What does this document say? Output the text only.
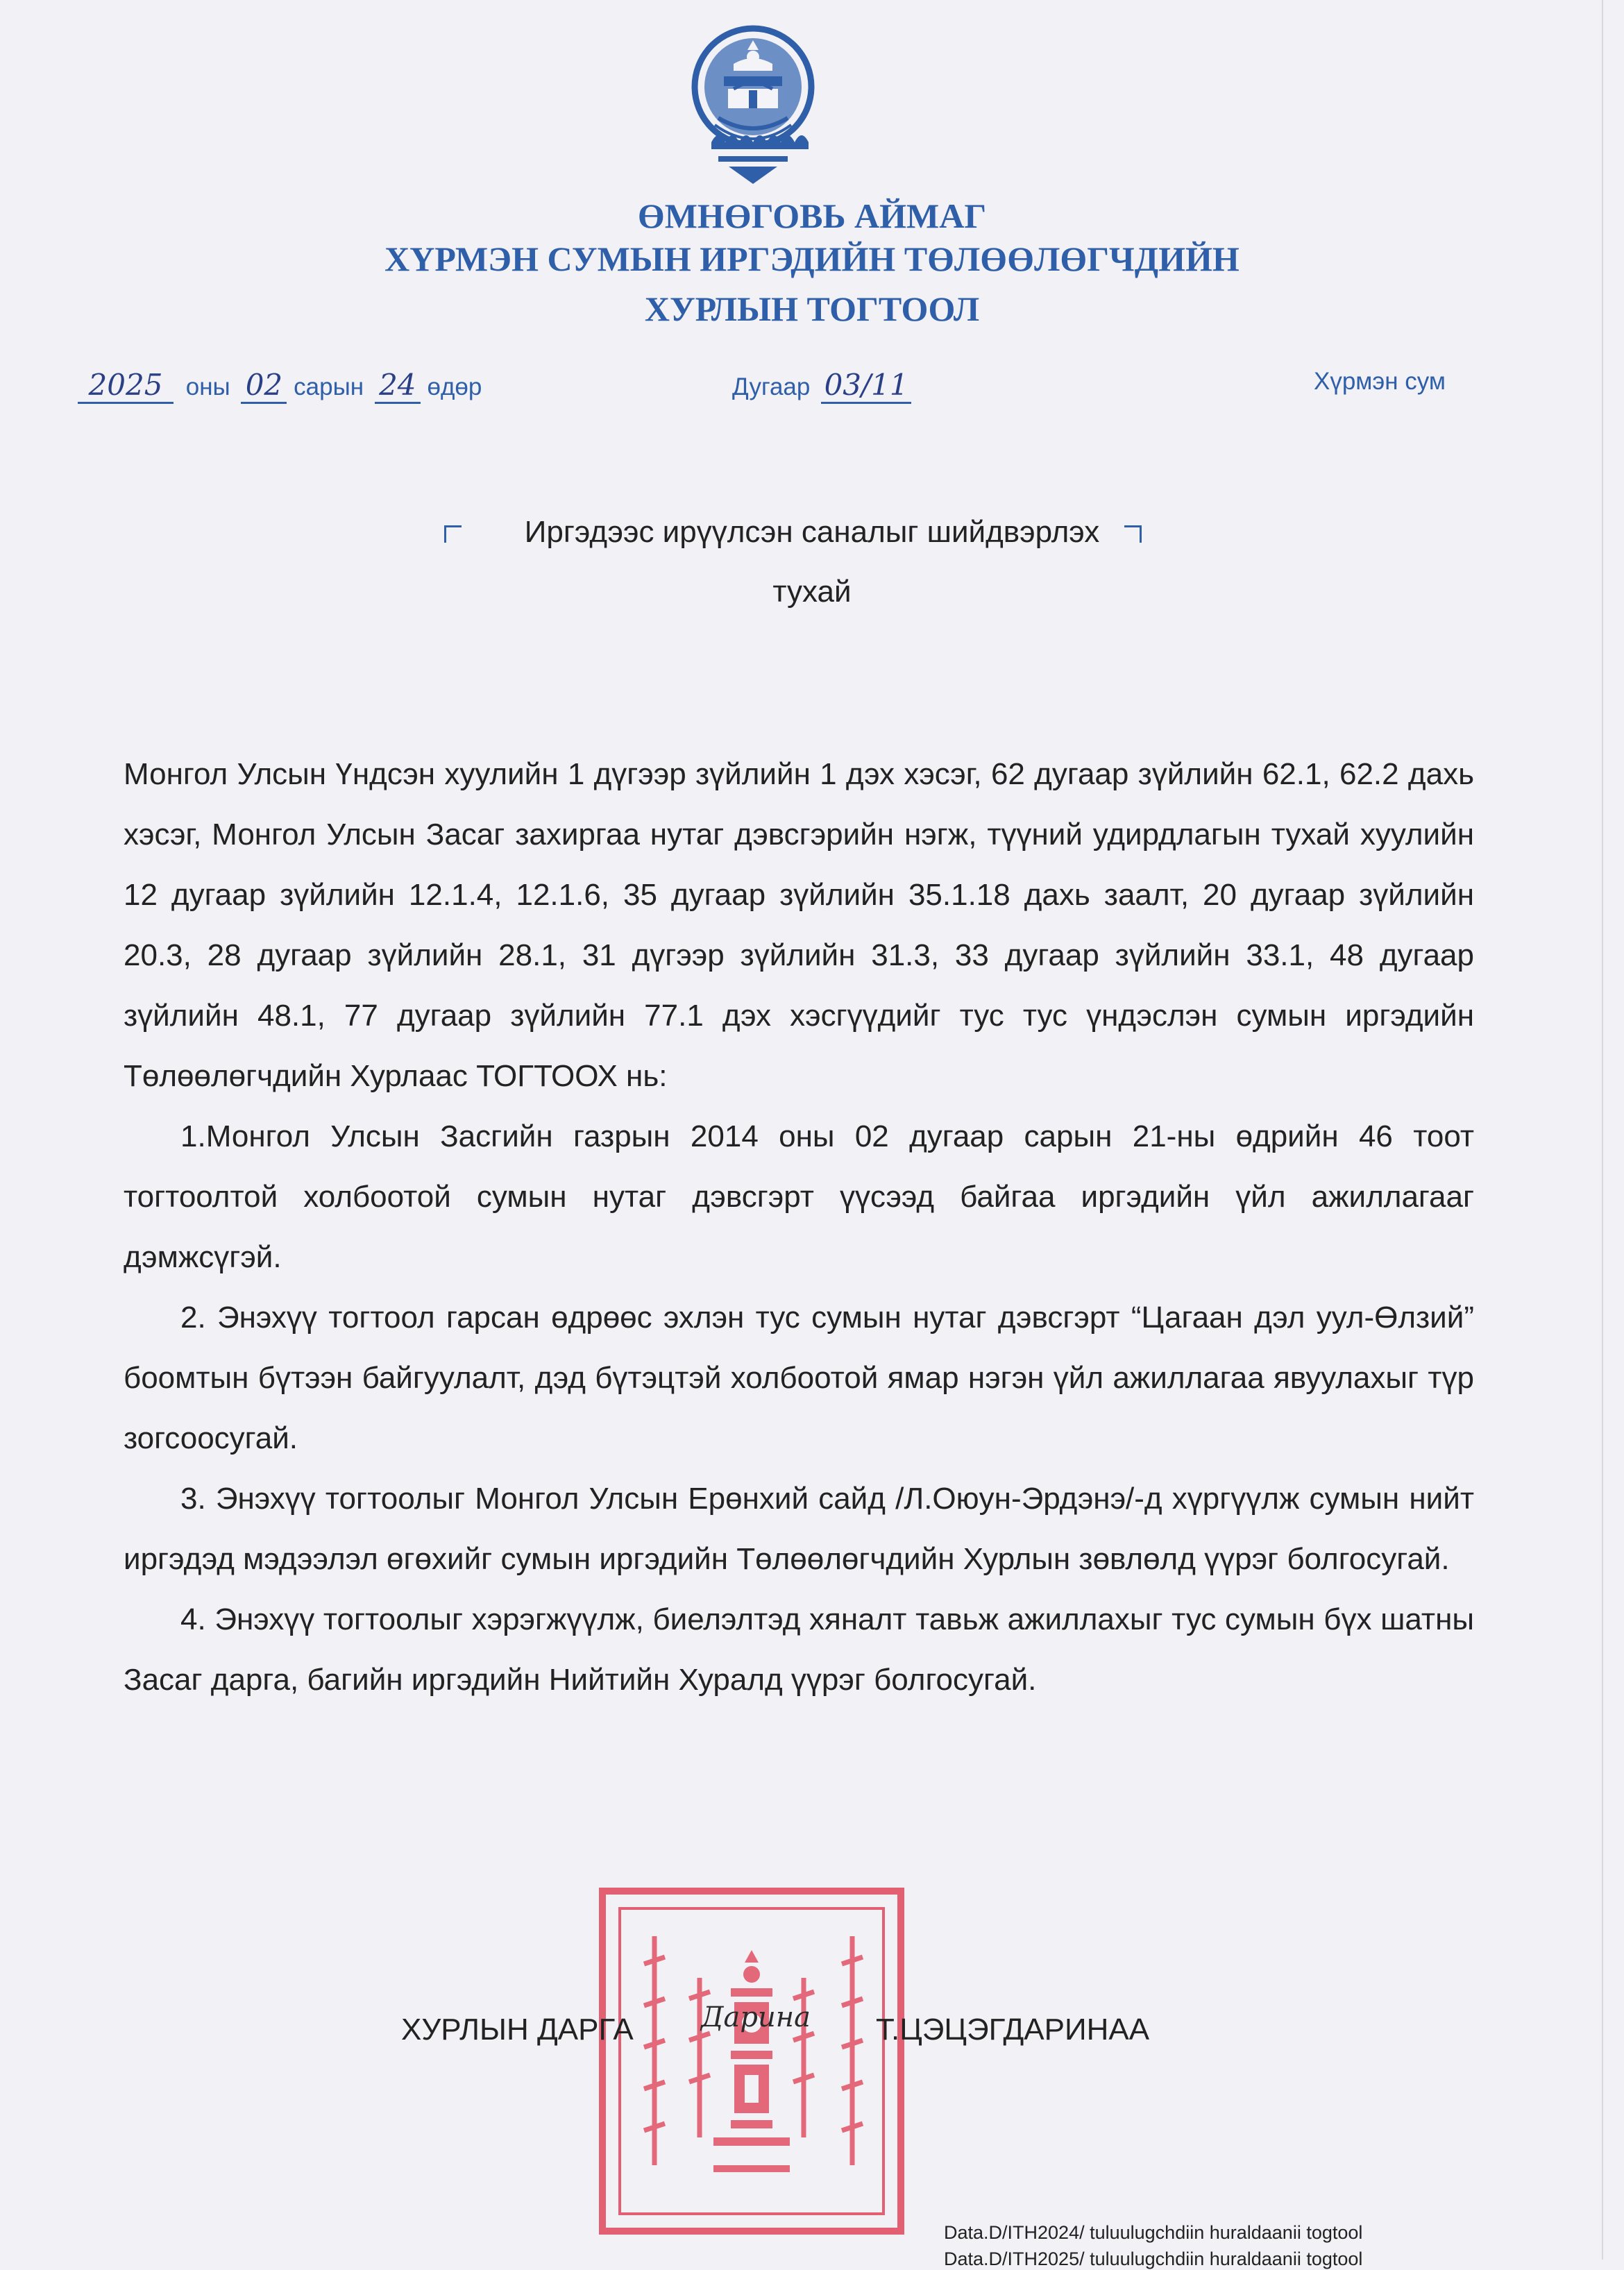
ӨМНӨГОВЬ АЙМАГ
ХҮРМЭН СУМЫН ИРГЭДИЙН ТӨЛӨӨЛӨГЧДИЙН
ХУРЛЫН ТОГТООЛ
2025 оны 02 сарын 24 өдөр	Дугаар 03/11	Хүрмэн сум
Иргэдээс ирүүлсэн саналыг шийдвэрлэх
тухай

Монгол Улсын Үндсэн хуулийн 1 дүгээр зүйлийн 1 дэх хэсэг, 62 дугаар зүйлийн 62.1, 62.2 дахь хэсэг, Монгол Улсын Засаг захиргаа нутаг дэвсгэрийн нэгж, түүний удирдлагын тухай хуулийн 12 дугаар зүйлийн 12.1.4, 12.1.6, 35 дугаар зүйлийн 35.1.18 дахь заалт, 20 дугаар зүйлийн 20.3, 28 дугаар зүйлийн 28.1, 31 дүгээр зүйлийн 31.3, 33 дугаар зүйлийн 33.1, 48 дугаар зүйлийн 48.1, 77 дугаар зүйлийн 77.1 дэх хэсгүүдийг тус тус үндэслэн сумын иргэдийн Төлөөлөгчдийн Хурлаас ТОГТООХ нь:

1.Монгол Улсын Засгийн газрын 2014 оны 02 дугаар сарын 21-ны өдрийн 46 тоот тогтоолтой холбоотой сумын нутаг дэвсгэрт үүсээд байгаа иргэдийн үйл ажиллагааг дэмжсүгэй.

2. Энэхүү тогтоол гарсан өдрөөс эхлэн тус сумын нутаг дэвсгэрт “Цагаан дэл уул-Өлзий” боомтын бүтээн байгуулалт, дэд бүтэцтэй холбоотой ямар нэгэн үйл ажиллагаа явуулахыг түр зогсоосугай.

3. Энэхүү тогтоолыг Монгол Улсын Ерөнхий сайд /Л.Оюун-Эрдэнэ/-д хүргүүлж сумын нийт иргэдэд мэдээлэл өгөхийг сумын иргэдийн Төлөөлөгчдийн Хурлын зөвлөлд үүрэг болгосугай.

4. Энэхүү тогтоолыг хэрэгжүүлж, биелэлтэд хяналт тавьж ажиллахыг тус сумын бүх шатны Засаг дарга, багийн иргэдийн Нийтийн Хуралд үүрэг болгосугай.

ХУРЛЫН ДАРГА Дарина Т.ЦЭЦЭГДАРИНАА
Data.D/ITH2024/ tuluulugchdiin huraldaanii togtool
Data.D/ITH2025/ tuluulugchdiin huraldaanii togtool
